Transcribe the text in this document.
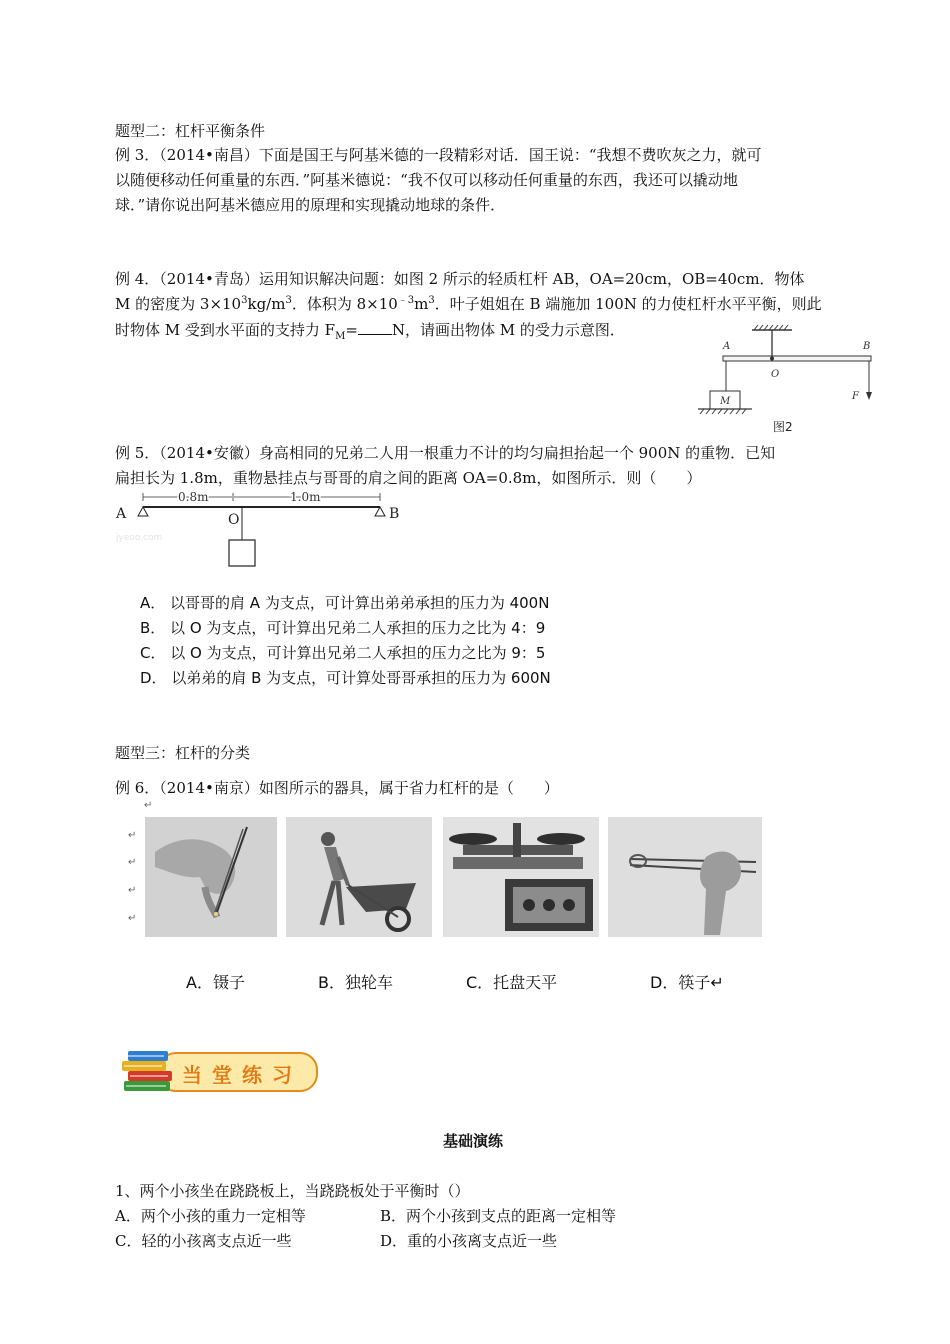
题型二：杠杆平衡条件
例 3．（2014•南昌）下面是国王与阿基米德的一段精彩对话．国王说：“我想不费吹灰之力，就可
以随便移动任何重量的东西．”阿基米德说：“我不仅可以移动任何重量的东西，我还可以撬动地
球．”请你说出阿基米德应用的原理和实现撬动地球的条件．
例 4．（2014•青岛）运用知识解决问题：如图 2 所示的轻质杠杆 AB，OA=20cm，OB=40cm．物体
M 的密度为 $3\times 10^3kg/m^3$．体积为 $8\times 10^{﹣3}m^3$．叶子姐姐在 B 端施加 100N 的力使杠杆水平平衡，则此
时物体 M 受到水平面的支持力 $F_M= N$，请画出物体 M 的受力示意图．
A	B
O
M	F
图2
例 5．（2014•安徽）身高相同的兄弟二人用一根重力不计的均匀扁担抬起一个 900N 的重物．已知
扁担长为 1.8m，重物悬挂点与哥哥的肩之间的距离 OA=0.8m，如图所示．则（　　）
0.8m	1.0m
A	B
O
jyeoo.com
A． 以哥哥的肩 A 为支点，可计算出弟弟承担的压力为 400N
B． 以 O 为支点，可计算出兄弟二人承担的压力之比为 4：9
C． 以 O 为支点，可计算出兄弟二人承担的压力之比为 9：5
D． 以弟弟的肩 B 为支点，可计算处哥哥承担的压力为 600N
题型三：杠杆的分类
例 6．（2014•南京）如图所示的器具，属于省力杠杆的是（　　）
↵
↵
↵
↵
↵
A．镊子	B．独轮车	C．托盘天平	D．筷子↵
当堂练习
基础演练
1、两个小孩坐在跷跷板上，当跷跷板处于平衡时（）
A．两个小孩的重力一定相等	B．两个小孩到支点的距离一定相等
C．轻的小孩离支点近一些	D．重的小孩离支点近一些
